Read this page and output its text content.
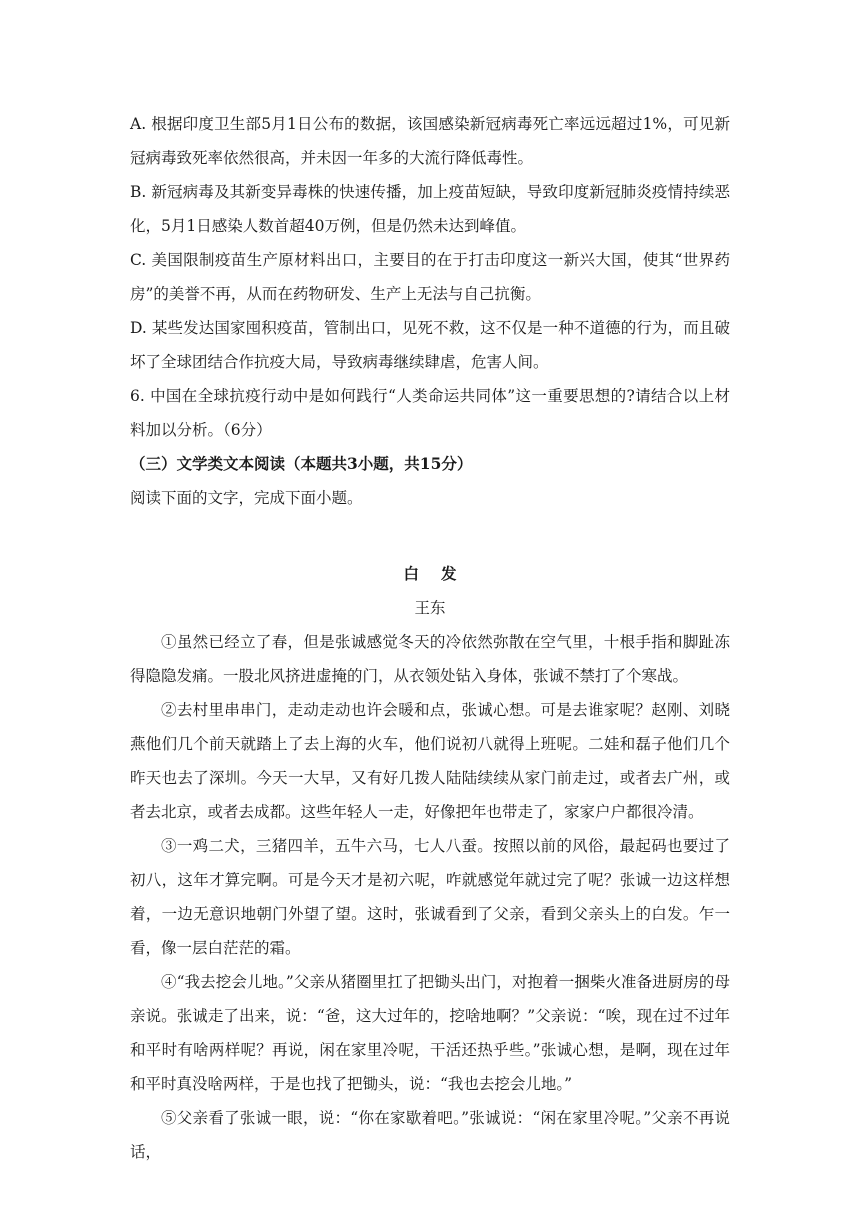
A. 根据印度卫生部5月1日公布的数据，该国感染新冠病毒死亡率远远超过1%，可见新冠病毒致死率依然很高，并未因一年多的大流行降低毒性。

B. 新冠病毒及其新变异毒株的快速传播，加上疫苗短缺，导致印度新冠肺炎疫情持续恶化，5月1日感染人数首超40万例，但是仍然未达到峰值。

C. 美国限制疫苗生产原材料出口，主要目的在于打击印度这一新兴大国，使其“世界药房”的美誉不再，从而在药物研发、生产上无法与自己抗衡。

D. 某些发达国家囤积疫苗，管制出口，见死不救，这不仅是一种不道德的行为，而且破坏了全球团结合作抗疫大局，导致病毒继续肆虐，危害人间。

6. 中国在全球抗疫行动中是如何践行“人类命运共同体”这一重要思想的?请结合以上材料加以分析。（6分）

（三）文学类文本阅读（本题共3小题，共15分）

阅读下面的文字，完成下面小题。

白发

王东

①虽然已经立了春，但是张诚感觉冬天的冷依然弥散在空气里，十根手指和脚趾冻得隐隐发痛。一股北风挤进虚掩的门，从衣领处钻入身体，张诚不禁打了个寒战。

②去村里串串门，走动走动也许会暖和点，张诚心想。可是去谁家呢？赵刚、刘晓燕他们几个前天就踏上了去上海的火车，他们说初八就得上班呢。二娃和磊子他们几个昨天也去了深圳。今天一大早，又有好几拨人陆陆续续从家门前走过，或者去广州，或者去北京，或者去成都。这些年轻人一走，好像把年也带走了，家家户户都很冷清。

③一鸡二犬，三猪四羊，五牛六马，七人八蚕。按照以前的风俗，最起码也要过了初八，这年才算完啊。可是今天才是初六呢，咋就感觉年就过完了呢？张诚一边这样想着，一边无意识地朝门外望了望。这时，张诚看到了父亲，看到父亲头上的白发。乍一看，像一层白茫茫的霜。

④“我去挖会儿地。”父亲从猪圈里扛了把锄头出门，对抱着一捆柴火准备进厨房的母亲说。张诚走了出来，说：“爸，这大过年的，挖啥地啊？”父亲说：“唉，现在过不过年和平时有啥两样呢？再说，闲在家里冷呢，干活还热乎些。”张诚心想，是啊，现在过年和平时真没啥两样，于是也找了把锄头，说：“我也去挖会儿地。”

⑤父亲看了张诚一眼，说：“你在家歇着吧。”张诚说：“闲在家里冷呢。”父亲不再说话，
